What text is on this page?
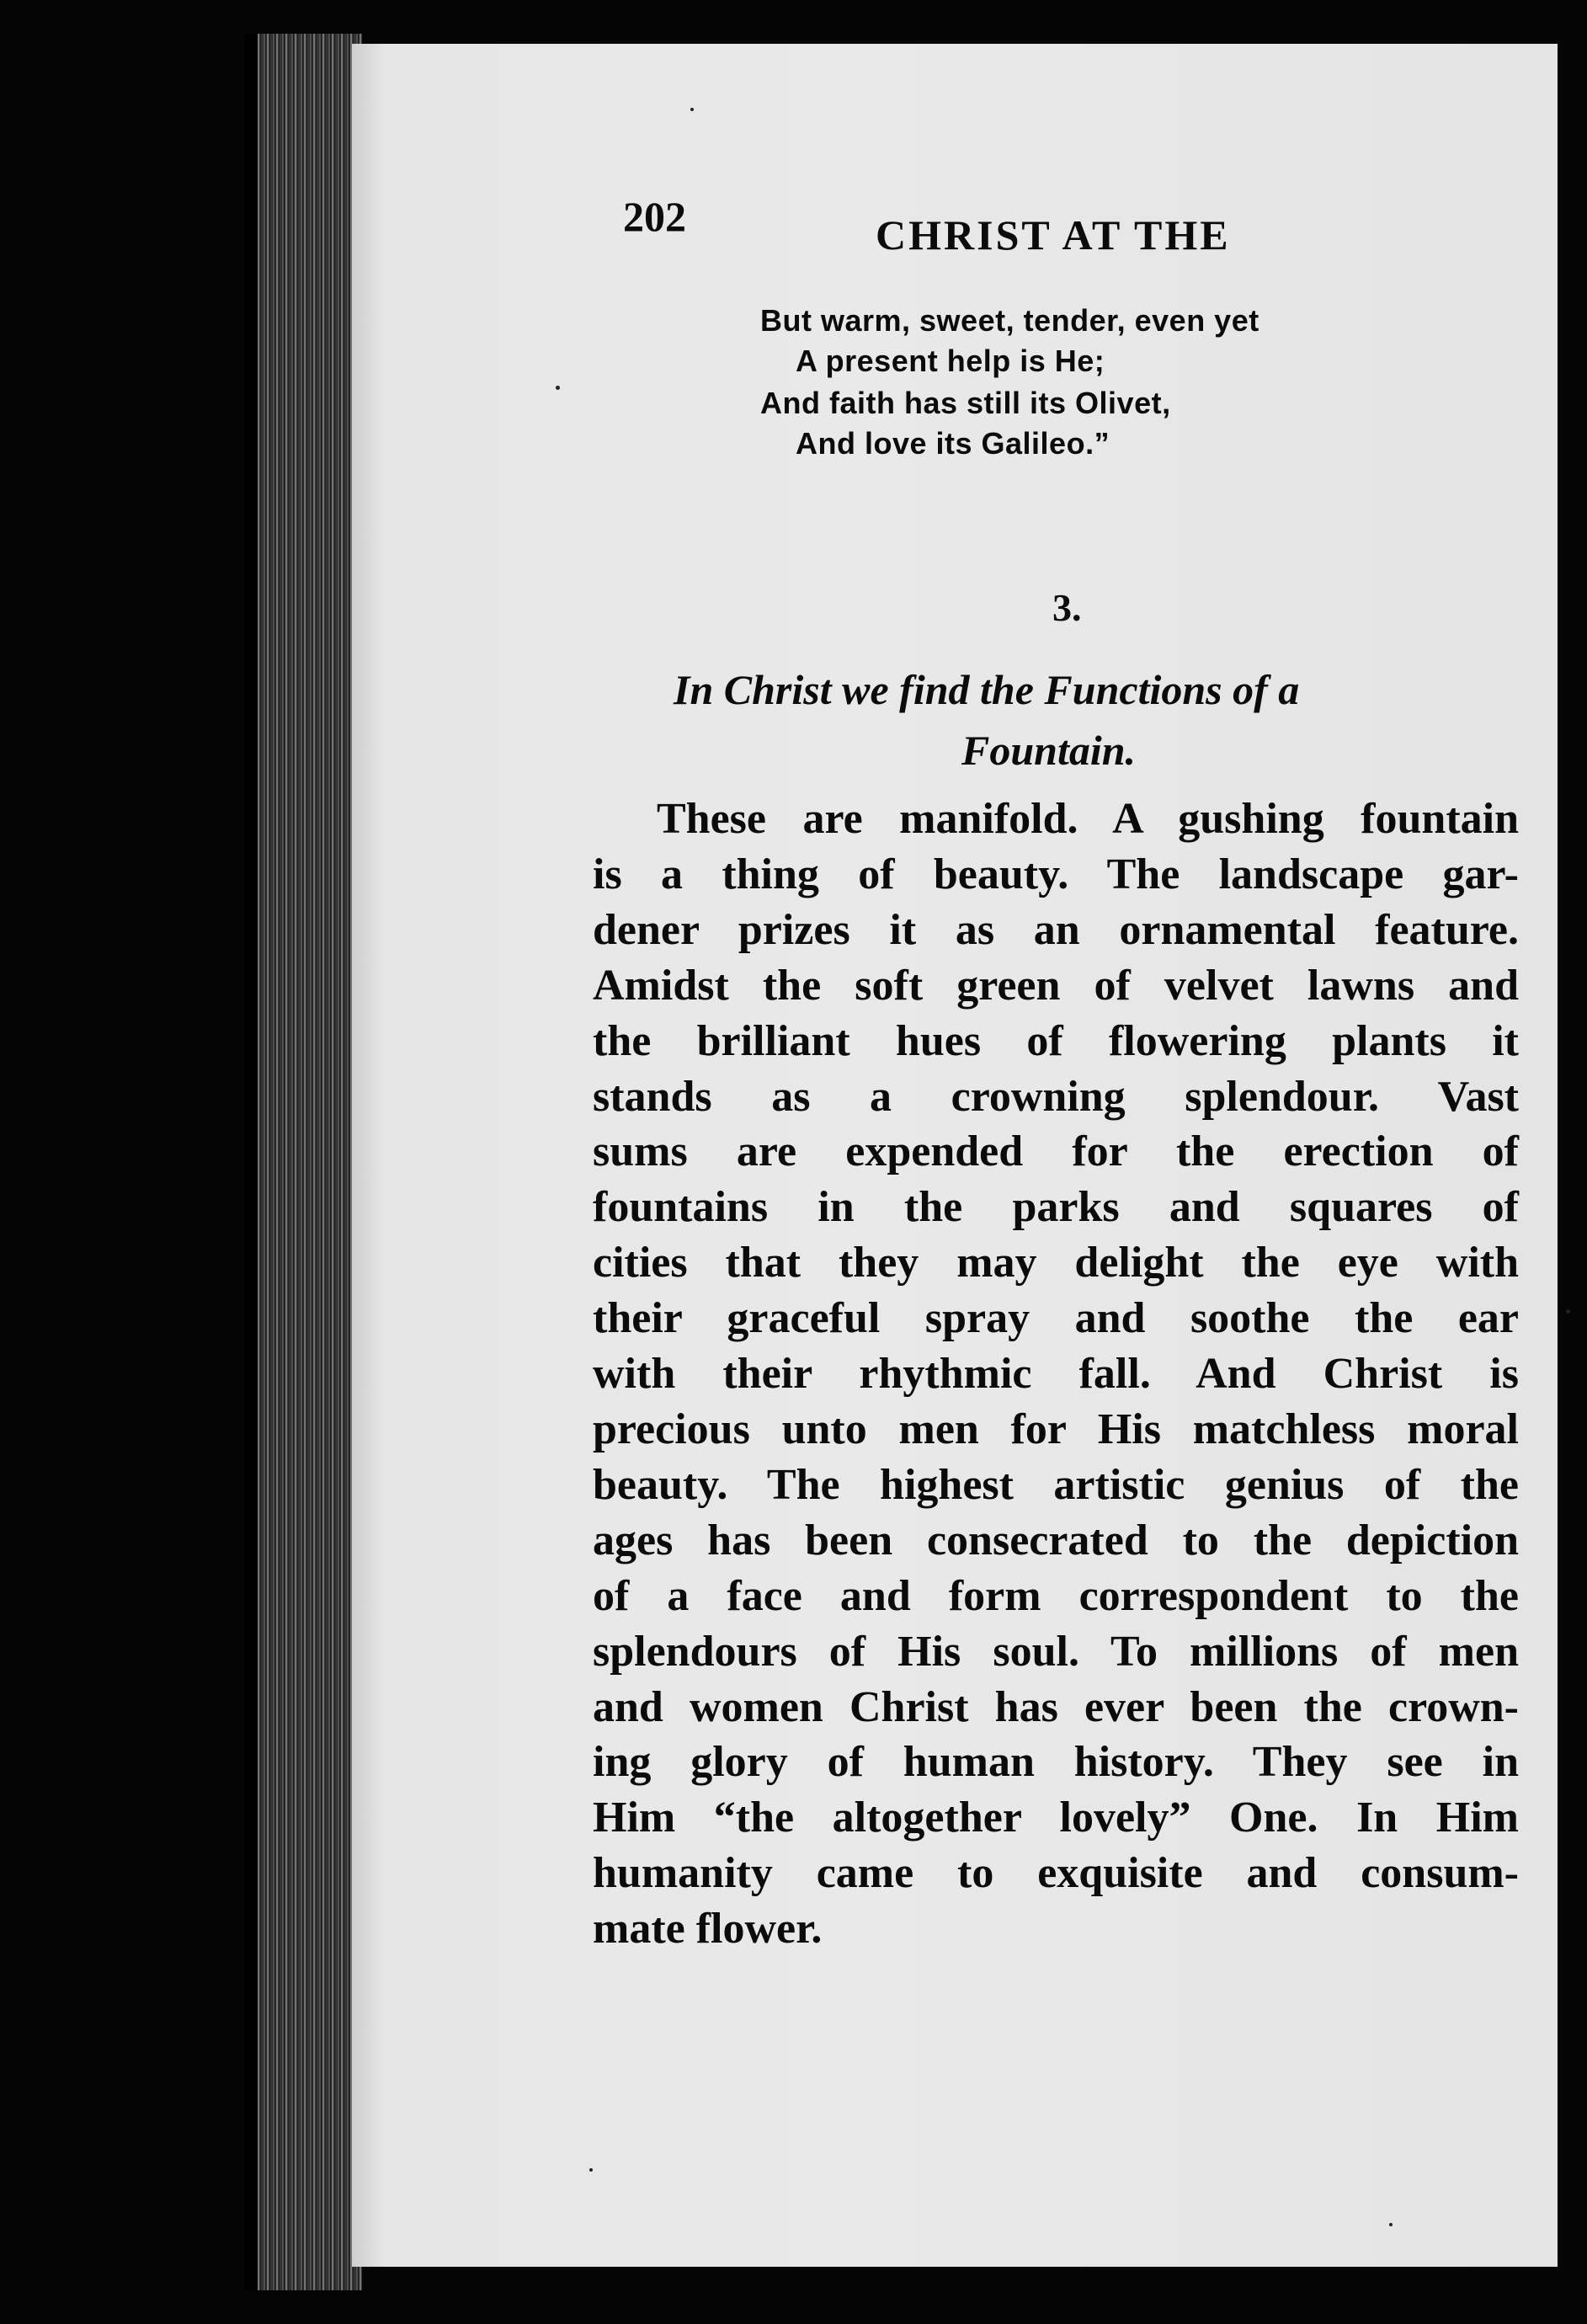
202	CHRIST AT THE

But warm, sweet, tender, even yet

A present help is He;

And faith has still its Olivet,

And love its Galileo.”

3.

In Christ we find the Functions of a

Fountain.

These are manifold. A gushing fountain
is a thing of beauty. The landscape gar-
dener prizes it as an ornamental feature.
Amidst the soft green of velvet lawns and
the brilliant hues of flowering plants it
stands as a crowning splendour. Vast
sums are expended for the erection of
fountains in the parks and squares of
cities that they may delight the eye with
their graceful spray and soothe the ear
with their rhythmic fall. And Christ is
precious unto men for His matchless moral
beauty. The highest artistic genius of the
ages has been consecrated to the depiction
of a face and form correspondent to the
splendours of His soul. To millions of men
and women Christ has ever been the crown-
ing glory of human history. They see in
Him “the altogether lovely” One. In Him
humanity came to exquisite and consum-
mate flower.
